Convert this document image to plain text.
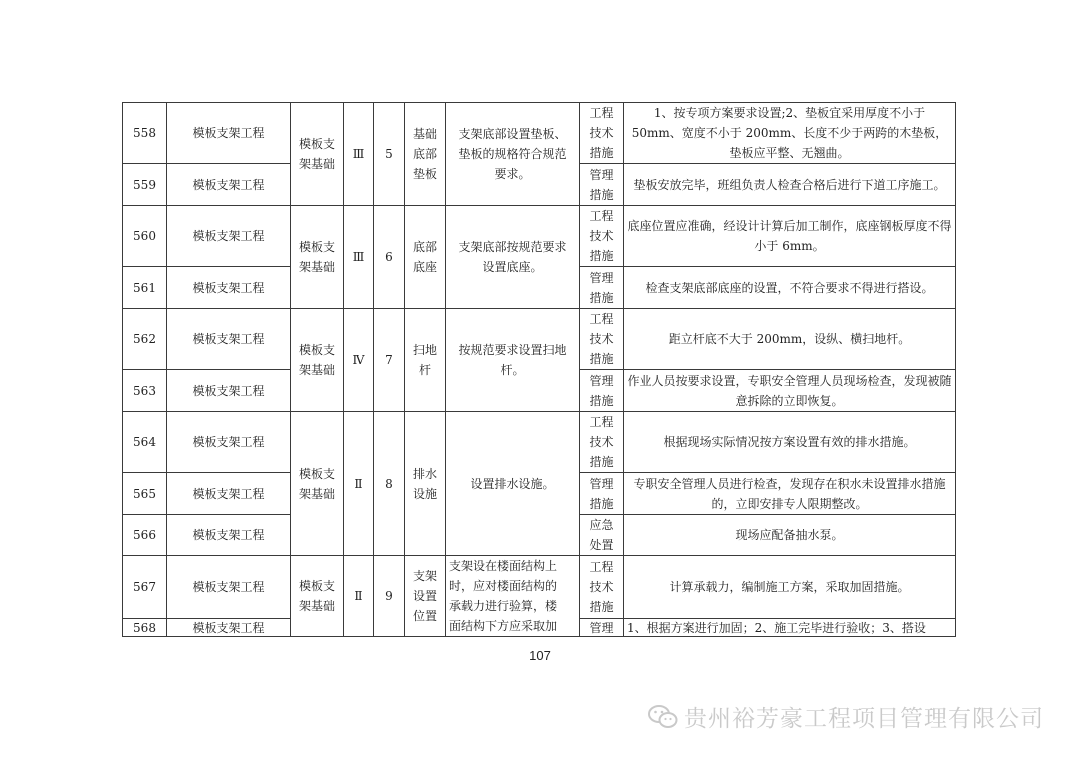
558	模板支架工程	模板支
架基础	Ⅲ	5	基础
底部
垫板	支架底部设置垫板、
垫板的规格符合规范
要求。	工程
技术
措施	1、按专项方案要求设置;2、垫板宜采用厚度不小于 50mm、宽度不小于 200mm、长度不少于两跨的木垫板，垫板应平整、无翘曲。
559	模板支架工程						管理
措施	垫板安放完毕，班组负责人检查合格后进行下道工序施工。
560	模板支架工程	模板支
架基础	Ⅲ	6	底部
底座	支架底部按规范要求
设置底座。	工程
技术
措施	底座位置应准确，经设计计算后加工制作，底座钢板厚度不得小于 6mm。
561	模板支架工程						管理
措施	检查支架底部底座的设置，不符合要求不得进行搭设。
562	模板支架工程	模板支
架基础	Ⅳ	7	扫地
杆	按规范要求设置扫地
杆。	工程
技术
措施	距立杆底不大于 200mm，设纵、横扫地杆。
563	模板支架工程						管理
措施	作业人员按要求设置，专职安全管理人员现场检查，发现被随意拆除的立即恢复。
564	模板支架工程	模板支
架基础	Ⅱ	8	排水
设施	设置排水设施。	工程
技术
措施	根据现场实际情况按方案设置有效的排水措施。
565	模板支架工程						管理
措施	专职安全管理人员进行检查，发现存在积水未设置排水措施的，立即安排专人限期整改。
566	模板支架工程						应急
处置	现场应配备抽水泵。
567	模板支架工程	模板支
架基础	Ⅱ	9	支架
设置
位置	支架设在楼面结构上
时，应对楼面结构的
承载力进行验算，楼
面结构下方应采取加	工程
技术
措施	计算承载力，编制施工方案，采取加固措施。
568	模板支架工程						管理	1、根据方案进行加固；2、施工完毕进行验收；3、搭设
107
贵州裕芳豪工程项目管理有限公司
